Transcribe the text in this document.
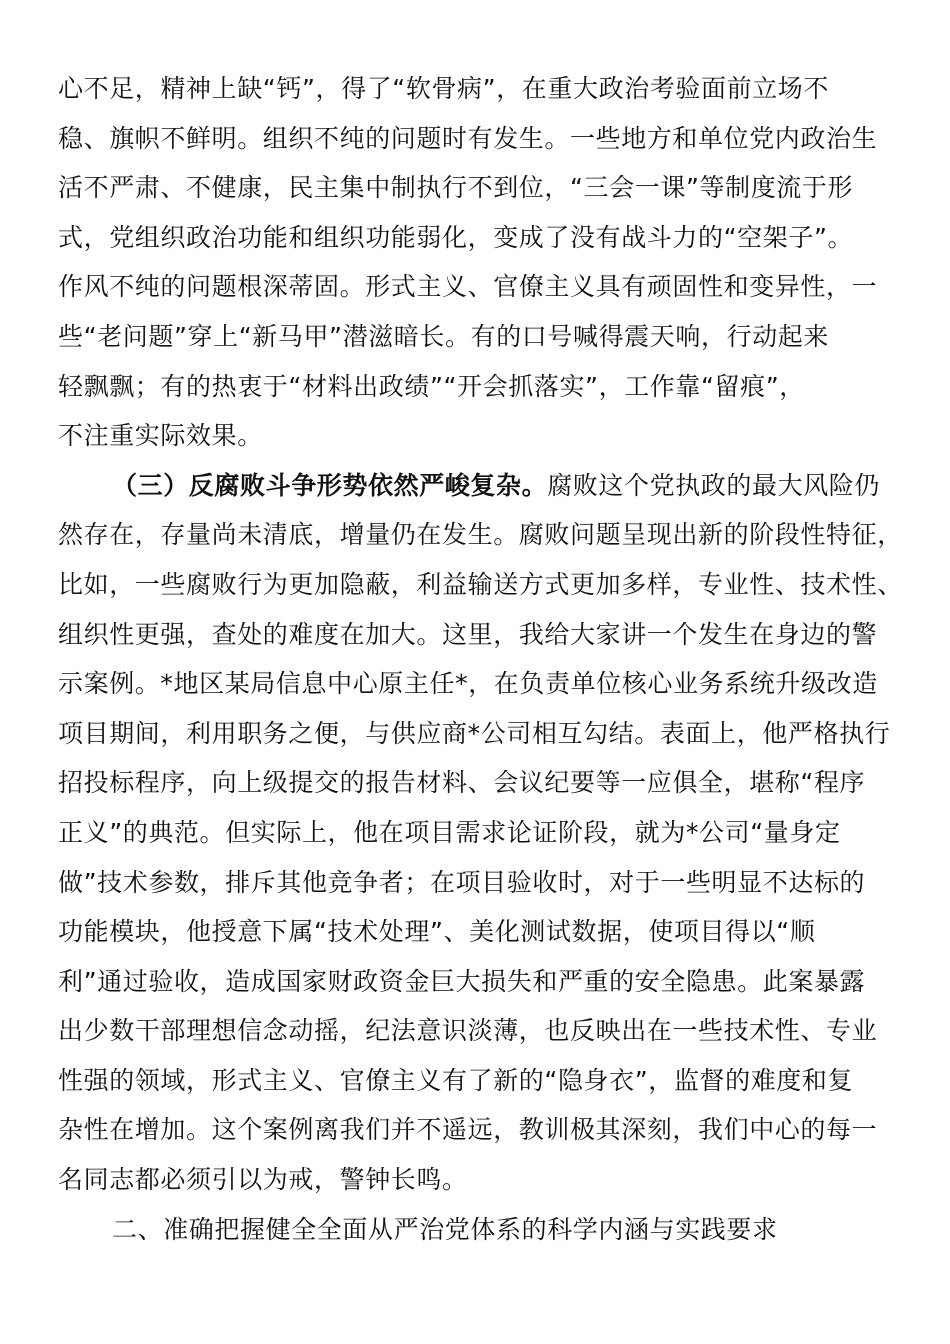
心不足，精神上缺“钙”，得了“软骨病”，在重大政治考验面前立场不
稳、旗帜不鲜明。组织不纯的问题时有发生。一些地方和单位党内政治生
活不严肃、不健康，民主集中制执行不到位，“三会一课”等制度流于形
式，党组织政治功能和组织功能弱化，变成了没有战斗力的“空架子”。
作风不纯的问题根深蒂固。形式主义、官僚主义具有顽固性和变异性，一
些“老问题”穿上“新马甲”潜滋暗长。有的口号喊得震天响，行动起来
轻飘飘；有的热衷于“材料出政绩”“开会抓落实”，工作靠“留痕”，
不注重实际效果。
（三）反腐败斗争形势依然严峻复杂。腐败这个党执政的最大风险仍
然存在，存量尚未清底，增量仍在发生。腐败问题呈现出新的阶段性特征，
比如，一些腐败行为更加隐蔽，利益输送方式更加多样，专业性、技术性、
组织性更强，查处的难度在加大。这里，我给大家讲一个发生在身边的警
示案例。*地区某局信息中心原主任*，在负责单位核心业务系统升级改造
项目期间，利用职务之便，与供应商*公司相互勾结。表面上，他严格执行
招投标程序，向上级提交的报告材料、会议纪要等一应俱全，堪称“程序
正义”的典范。但实际上，他在项目需求论证阶段，就为*公司“量身定
做”技术参数，排斥其他竞争者；在项目验收时，对于一些明显不达标的
功能模块，他授意下属“技术处理”、美化测试数据，使项目得以“顺
利”通过验收，造成国家财政资金巨大损失和严重的安全隐患。此案暴露
出少数干部理想信念动摇，纪法意识淡薄，也反映出在一些技术性、专业
性强的领域，形式主义、官僚主义有了新的“隐身衣”，监督的难度和复
杂性在增加。这个案例离我们并不遥远，教训极其深刻，我们中心的每一
名同志都必须引以为戒，警钟长鸣。
二、准确把握健全全面从严治党体系的科学内涵与实践要求
